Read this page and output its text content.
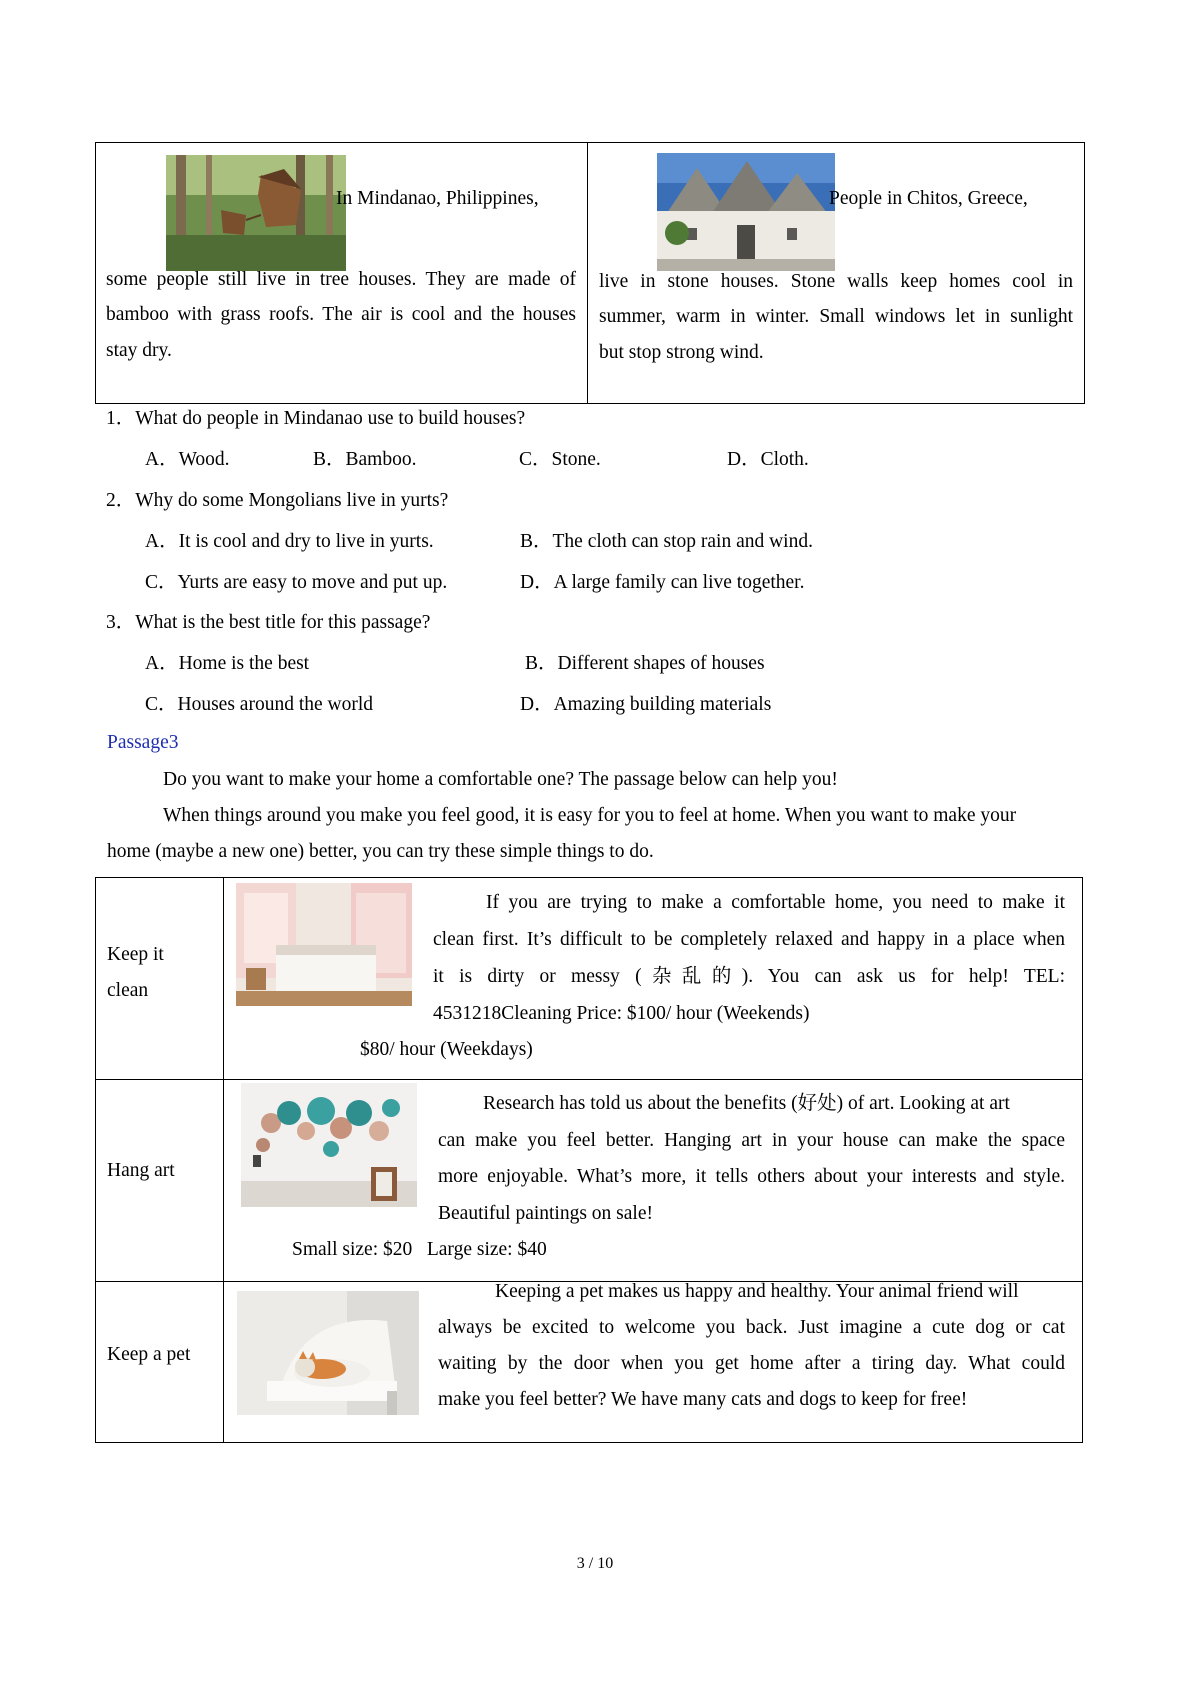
In Mindanao, Philippines,
some people still live in tree houses. They are made of
bamboo with grass roofs. The air is cool and the houses
stay dry.
People in Chitos, Greece,
live in stone houses. Stone walls keep homes cool in
summer, warm in winter. Small windows let in sunlight
but stop strong wind.
1．What do people in Mindanao use to build houses?
A．Wood.	B．Bamboo.	C．Stone.	D．Cloth.
2．Why do some Mongolians live in yurts?
A．It is cool and dry to live in yurts.	B．The cloth can stop rain and wind.
C．Yurts are easy to move and put up.	D．A large family can live together.
3．What is the best title for this passage?
A．Home is the best	B．Different shapes of houses
C．Houses around the world	D．Amazing building materials
Passage3
Do you want to make your home a comfortable one? The passage below can help you!
When things around you make you feel good, it is easy for you to feel at home. When you want to make your
home (maybe a new one) better, you can try these simple things to do.
Keep it
clean
If you are trying to make a comfortable home, you need to make it
clean first. It’s difficult to be completely relaxed and happy in a place when
it is dirty or messy (杂乱的). You can ask us for help! TEL:
4531218Cleaning Price: $100/ hour (Weekends)
$80/ hour (Weekdays)
Hang art
Research has told us about the benefits (好处) of art. Looking at art
can make you feel better. Hanging art in your house can make the space
more enjoyable. What’s more, it tells others about your interests and style.
Beautiful paintings on sale!
Small size: $20   Large size: $40
Keep a pet
Keeping a pet makes us happy and healthy. Your animal friend will
always be excited to welcome you back. Just imagine a cute dog or cat
waiting by the door when you get home after a tiring day. What could
make you feel better? We have many cats and dogs to keep for free!
3 / 10
